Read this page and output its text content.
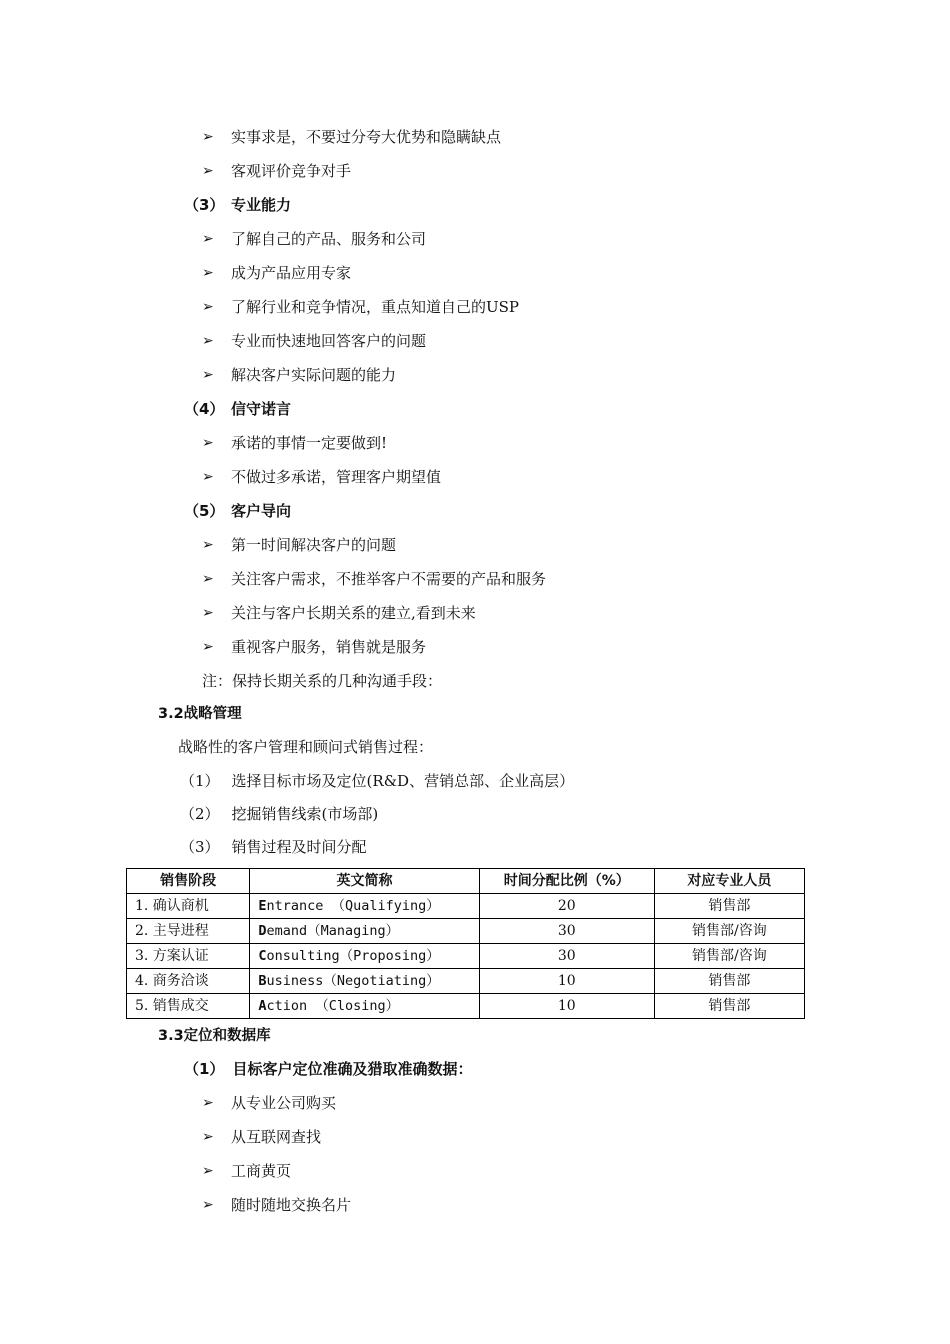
➢ 实事求是，不要过分夸大优势和隐瞒缺点
➢ 客观评价竞争对手
（3） 专业能力
➢ 了解自己的产品、服务和公司
➢ 成为产品应用专家
➢ 了解行业和竞争情况，重点知道自己的USP
➢ 专业而快速地回答客户的问题
➢ 解决客户实际问题的能力
（4） 信守诺言
➢ 承诺的事情一定要做到!
➢ 不做过多承诺，管理客户期望值
（5） 客户导向
➢ 第一时间解决客户的问题
➢ 关注客户需求，不推举客户不需要的产品和服务
➢ 关注与客户长期关系的建立,看到未来
➢ 重视客户服务，销售就是服务
注：保持长期关系的几种沟通手段：
3.2战略管理
战略性的客户管理和顾问式销售过程：
（1） 选择目标市场及定位(R&D、营销总部、企业高层）
（2） 挖掘销售线索(市场部)
（3） 销售过程及时间分配
销售阶段	英文简称	时间分配比例（%）	对应专业人员
1. 确认商机	Entrance （Qualifying）	20	销售部
2. 主导进程	Demand（Managing）	30	销售部/咨询
3. 方案认证	Consulting（Proposing）	30	销售部/咨询
4. 商务洽谈	Business（Negotiating）	10	销售部
5. 销售成交	Action （Closing）	10	销售部
3.3定位和数据库
（1） 目标客户定位准确及猎取准确数据：
➢ 从专业公司购买
➢ 从互联网查找
➢ 工商黄页
➢ 随时随地交换名片
